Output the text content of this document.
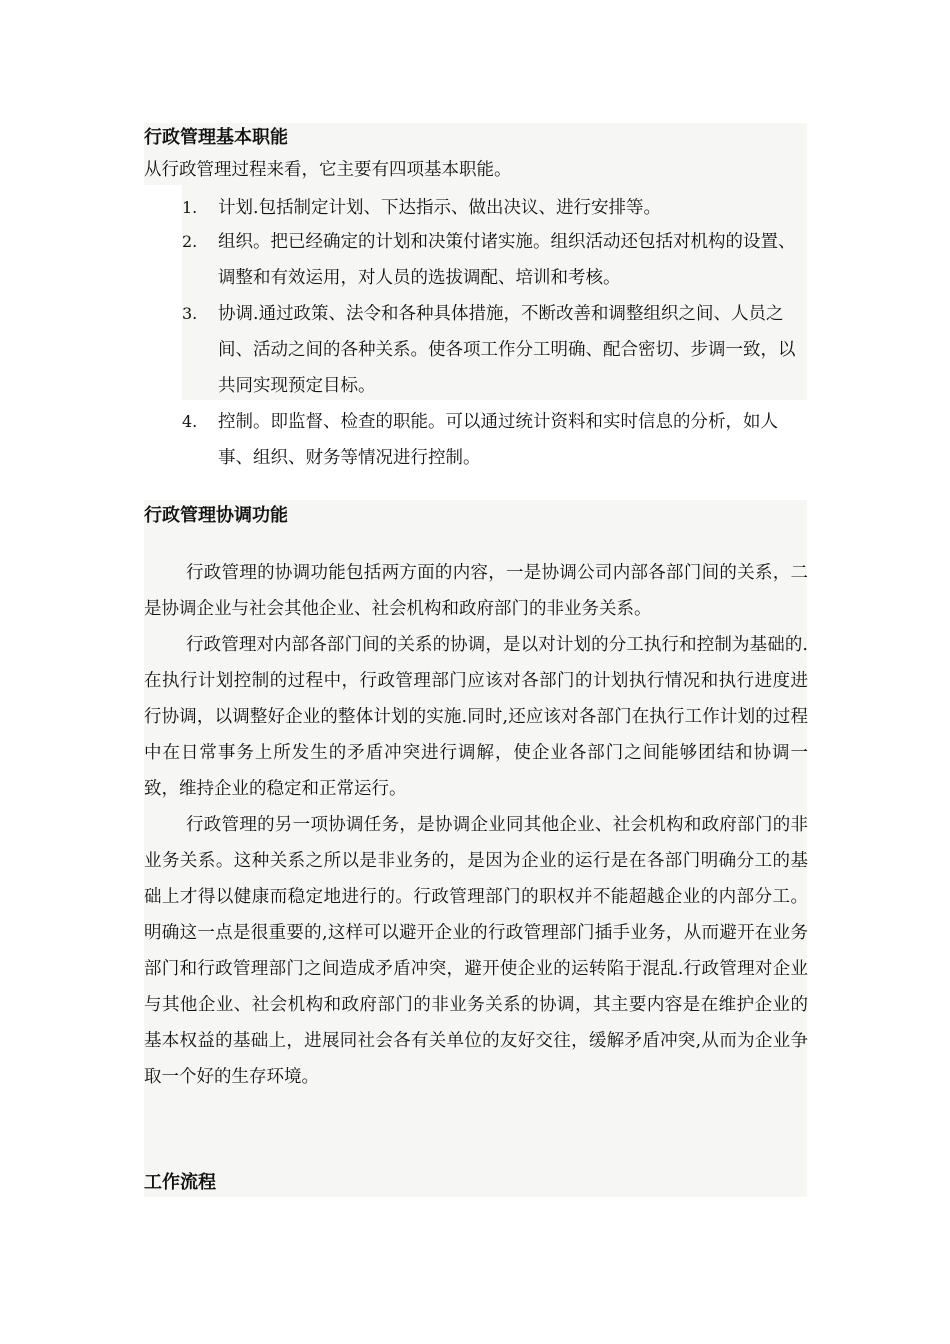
行政管理基本职能

从行政管理过程来看，它主要有四项基本职能。

1. 计划.包括制定计划、下达指示、做出决议、进行安排等。

2. 组织。把已经确定的计划和决策付诸实施。组织活动还包括对机构的设置、调整和有效运用，对人员的选拔调配、培训和考核。

3. 协调.通过政策、法令和各种具体措施，不断改善和调整组织之间、人员之间、活动之间的各种关系。使各项工作分工明确、配合密切、步调一致，以共同实现预定目标。

4. 控制。即监督、检查的职能。可以通过统计资料和实时信息的分析，如人事、组织、财务等情况进行控制。

行政管理协调功能

行政管理的协调功能包括两方面的内容，一是协调公司内部各部门间的关系，二是协调企业与社会其他企业、社会机构和政府部门的非业务关系。

行政管理对内部各部门间的关系的协调，是以对计划的分工执行和控制为基础的.在执行计划控制的过程中，行政管理部门应该对各部门的计划执行情况和执行进度进行协调，以调整好企业的整体计划的实施.同时,还应该对各部门在执行工作计划的过程中在日常事务上所发生的矛盾冲突进行调解，使企业各部门之间能够团结和协调一致，维持企业的稳定和正常运行。

行政管理的另一项协调任务，是协调企业同其他企业、社会机构和政府部门的非业务关系。这种关系之所以是非业务的，是因为企业的运行是在各部门明确分工的基础上才得以健康而稳定地进行的。行政管理部门的职权并不能超越企业的内部分工。明确这一点是很重要的,这样可以避开企业的行政管理部门插手业务，从而避开在业务部门和行政管理部门之间造成矛盾冲突，避开使企业的运转陷于混乱.行政管理对企业与其他企业、社会机构和政府部门的非业务关系的协调，其主要内容是在维护企业的基本权益的基础上，进展同社会各有关单位的友好交往，缓解矛盾冲突,从而为企业争取一个好的生存环境。

工作流程
